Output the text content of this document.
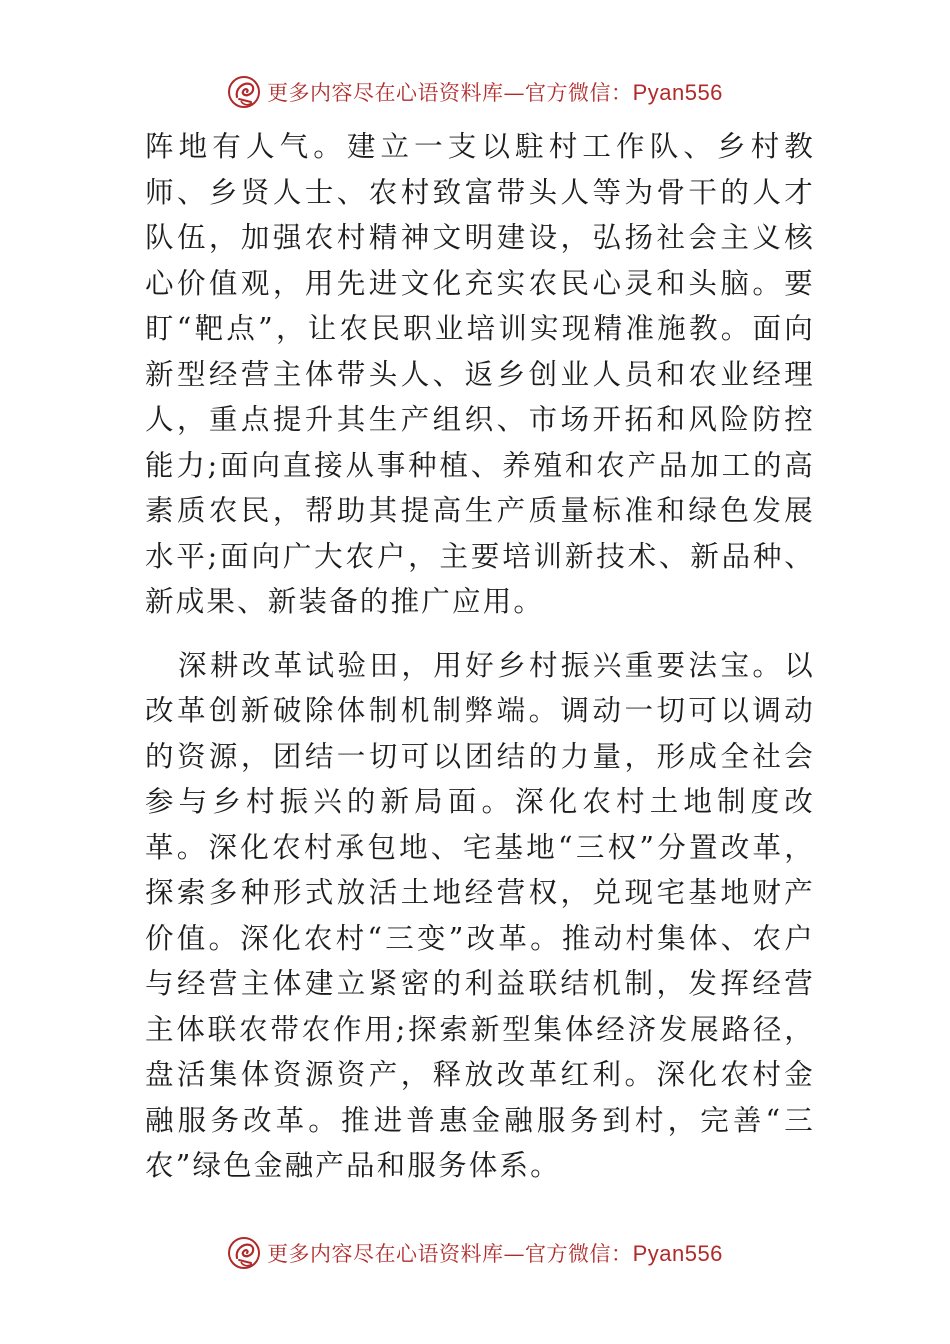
更多内容尽在心语资料库—官方微信：Pyan556

阵地有人气。建立一支以駐村工作队、乡村教师、乡贤人士、农村致富带头人等为骨干的人才队伍，加强农村精神文明建设，弘扬社会主义核心价值观，用先进文化充实农民心灵和头脑。要盯“靶点”，让农民职业培训实现精准施教。面向新型经营主体带头人、返乡创业人员和农业经理人，重点提升其生产组织、市场开拓和风险防控能力;面向直接从事种植、养殖和农产品加工的高素质农民，帮助其提高生产质量标准和绿色发展水平;面向广大农户，主要培训新技术、新品种、新成果、新装备的推广应用。

深耕改革试验田，用好乡村振兴重要法宝。以改革创新破除体制机制弊端。调动一切可以调动的资源，团结一切可以团结的力量，形成全社会参与乡村振兴的新局面。深化农村土地制度改革。深化农村承包地、宅基地“三权”分置改革，探索多种形式放活土地经营权，兑现宅基地财产价值。深化农村“三变”改革。推动村集体、农户与经营主体建立紧密的利益联结机制，发挥经营主体联农带农作用;探索新型集体经济发展路径，盘活集体资源资产，释放改革红利。深化农村金融服务改革。推进普惠金融服务到村，完善“三农”绿色金融产品和服务体系。

更多内容尽在心语资料库—官方微信：Pyan556
